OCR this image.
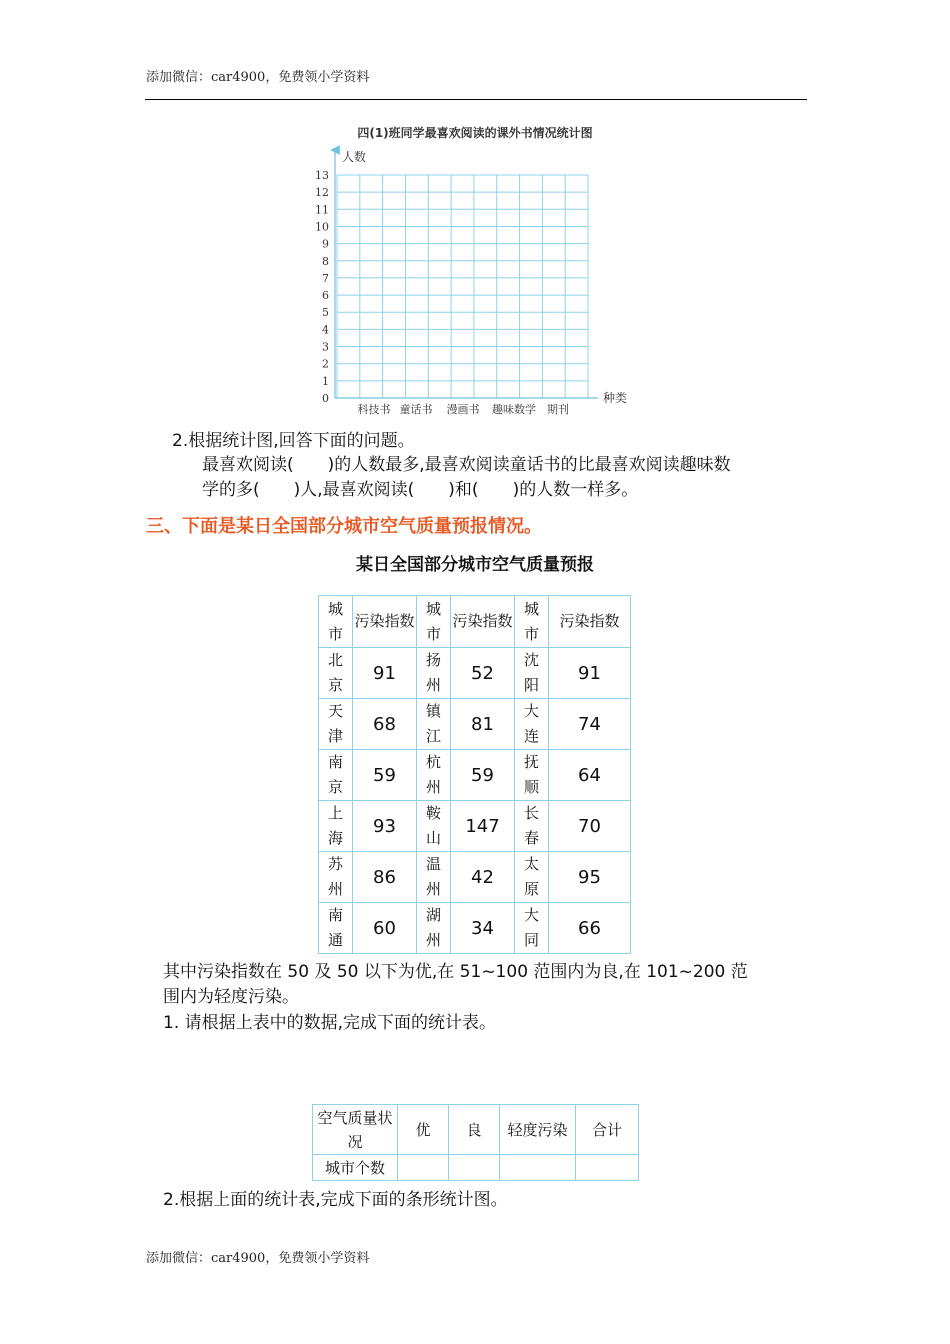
添加微信：car4900，免费领小学资料
四(1)班同学最喜欢阅读的课外书情况统计图
0
1
2
3
4
5
6
7
8
9
10
11
12
13
科技书 童话书 漫画书 趣味数学 期刊
人数
种类
2.根据统计图,回答下面的问题。
最喜欢阅读(　　)的人数最多,最喜欢阅读童话书的比最喜欢阅读趣味数
学的多(　　)人,最喜欢阅读(　　)和(　　)的人数一样多。
三、下面是某日全国部分城市空气质量预报情况。
某日全国部分城市空气质量预报
城市	污染指数	城市	污染指数	城市	污染指数
北京	91	扬州	52	沈阳	91
天津	68	镇江	81	大连	74
南京	59	杭州	59	抚顺	64
上海	93	鞍山	147	长春	70
苏州	86	温州	42	太原	95
南通	60	湖州	34	大同	66
其中污染指数在 50 及 50 以下为优,在 51~100 范围内为良,在 101~200 范
围内为轻度污染。
1. 请根据上表中的数据,完成下面的统计表。
空气质量状况	优	良	轻度污染	合计
城市个数				
2.根据上面的统计表,完成下面的条形统计图。
添加微信：car4900，免费领小学资料
